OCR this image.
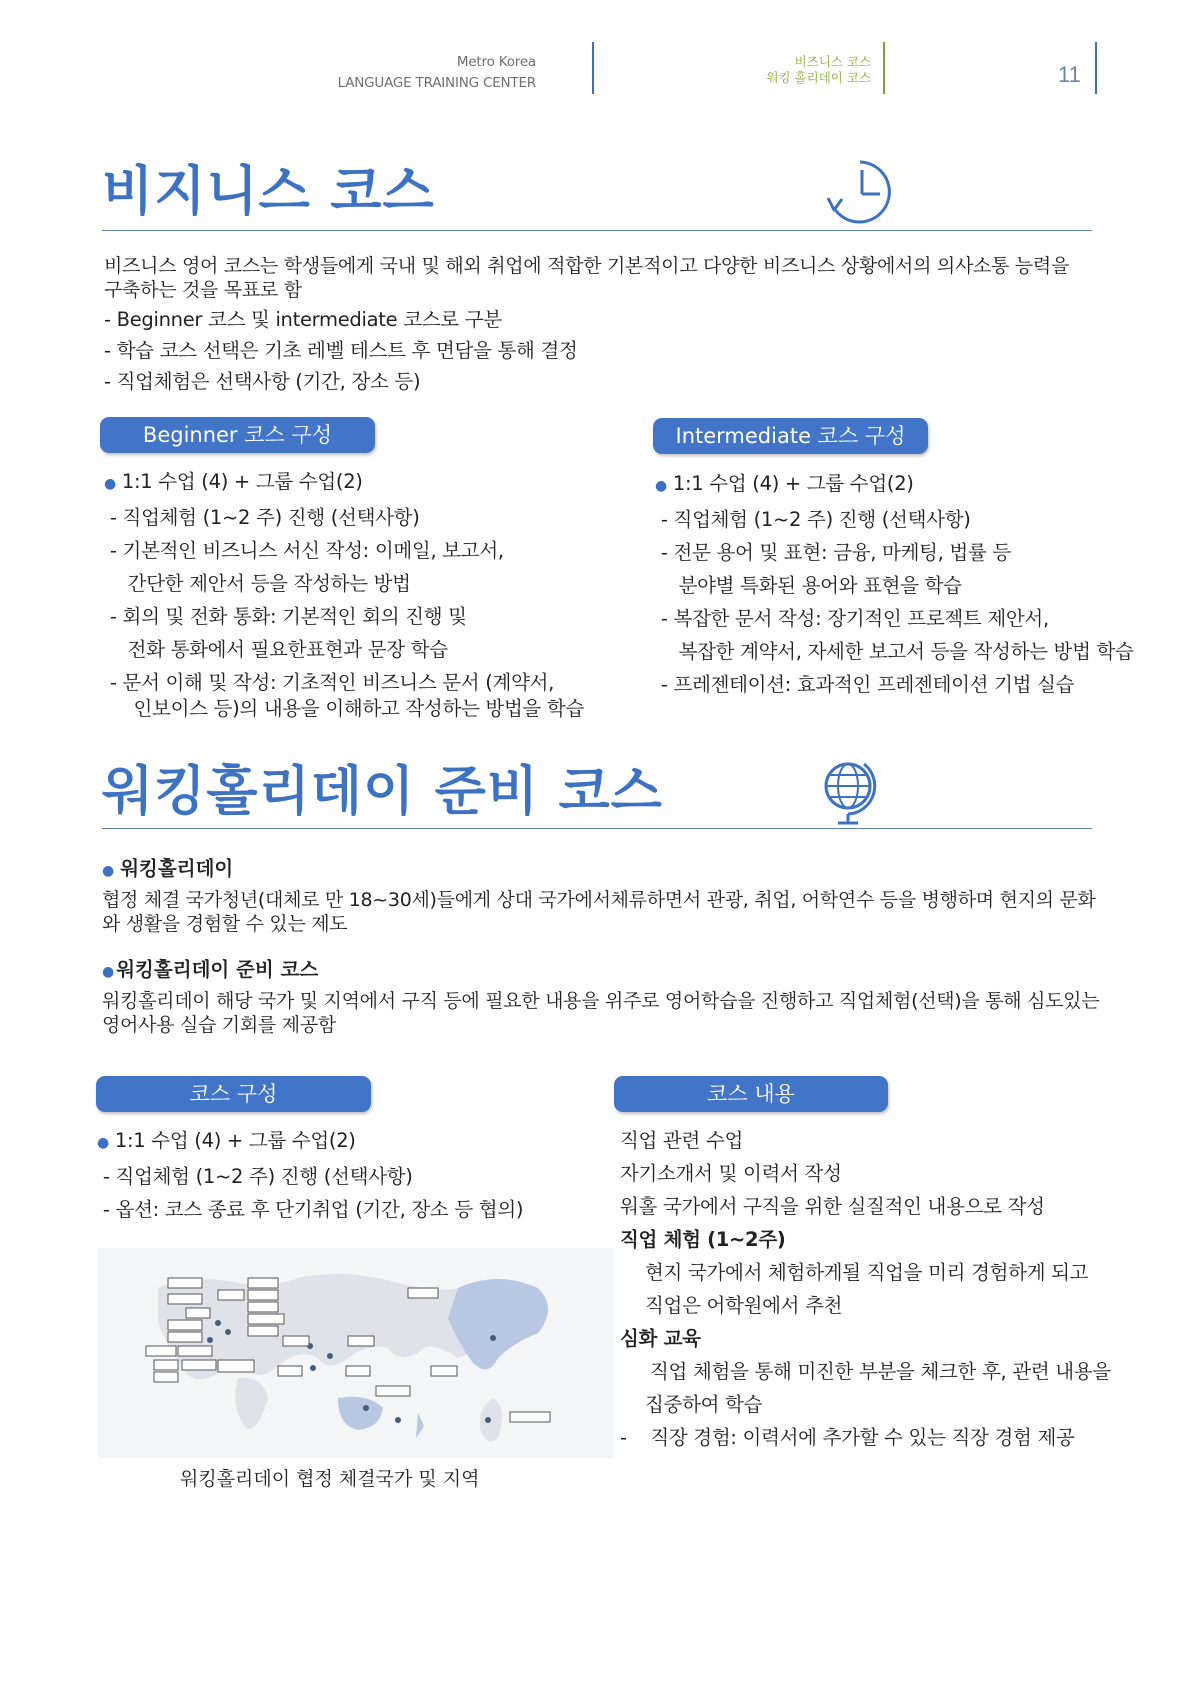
Metro Korea
LANGUAGE TRAINING CENTER
비즈니스 코스
워킹 홀리데이 코스	11
비지니스 코스
비즈니스 영어 코스는 학생들에게 국내 및 해외 취업에 적합한 기본적이고 다양한 비즈니스 상황에서의 의사소통 능력을 구축하는 것을 목표로 함
- Beginner 코스 및 intermediate 코스로 구분
- 학습 코스 선택은 기초 레벨 테스트 후 면담을 통해 결정
- 직업체험은 선택사항 (기간, 장소 등)
Beginner 코스 구성
● 1:1 수업 (4) + 그룹 수업(2)
- 직업체험 (1~2 주) 진행 (선택사항)
- 기본적인 비즈니스 서신 작성: 이메일, 보고서,
간단한 제안서 등을 작성하는 방법
- 회의 및 전화 통화: 기본적인 회의 진행 및
전화 통화에서 필요한표현과 문장 학습
- 문서 이해 및 작성: 기초적인 비즈니스 문서 (계약서,
인보이스 등)의 내용을 이해하고 작성하는 방법을 학습
Intermediate 코스 구성
● 1:1 수업 (4) + 그룹 수업(2)
- 직업체험 (1~2 주) 진행 (선택사항)
- 전문 용어 및 표현: 금융, 마케팅, 법률 등
분야별 특화된 용어와 표현을 학습
- 복잡한 문서 작성: 장기적인 프로젝트 제안서,
복잡한 계약서, 자세한 보고서 등을 작성하는 방법 학습
- 프레젠테이션: 효과적인 프레젠테이션 기법 실습
워킹홀리데이 준비 코스
● 워킹홀리데이
협정 체결 국가청년(대체로 만 18~30세)들에게 상대 국가에서체류하면서 관광, 취업, 어학연수 등을 병행하며 현지의 문화와 생활을 경험할 수 있는 제도
● 워킹홀리데이 준비 코스
워킹홀리데이 해당 국가 및 지역에서 구직 등에 필요한 내용을 위주로 영어학습을 진행하고 직업체험(선택)을 통해 심도있는 영어사용 실습 기회를 제공함
코스 구성
● 1:1 수업 (4) + 그룹 수업(2)
- 직업체험 (1~2 주) 진행 (선택사항)
- 옵션: 코스 종료 후 단기취업 (기간, 장소 등 협의)
워킹홀리데이 협정 체결국가 및 지역
코스 내용
직업 관련 수업
자기소개서 및 이력서 작성
워홀 국가에서 구직을 위한 실질적인 내용으로 작성
직업 체험 (1~2주)
현지 국가에서 체험하게될 직업을 미리 경험하게 되고
직업은 어학원에서 추천
심화 교육
직업 체험을 통해 미진한 부분을 체크한 후, 관련 내용을
집중하여 학습
-    직장 경험: 이력서에 추가할 수 있는 직장 경험 제공
